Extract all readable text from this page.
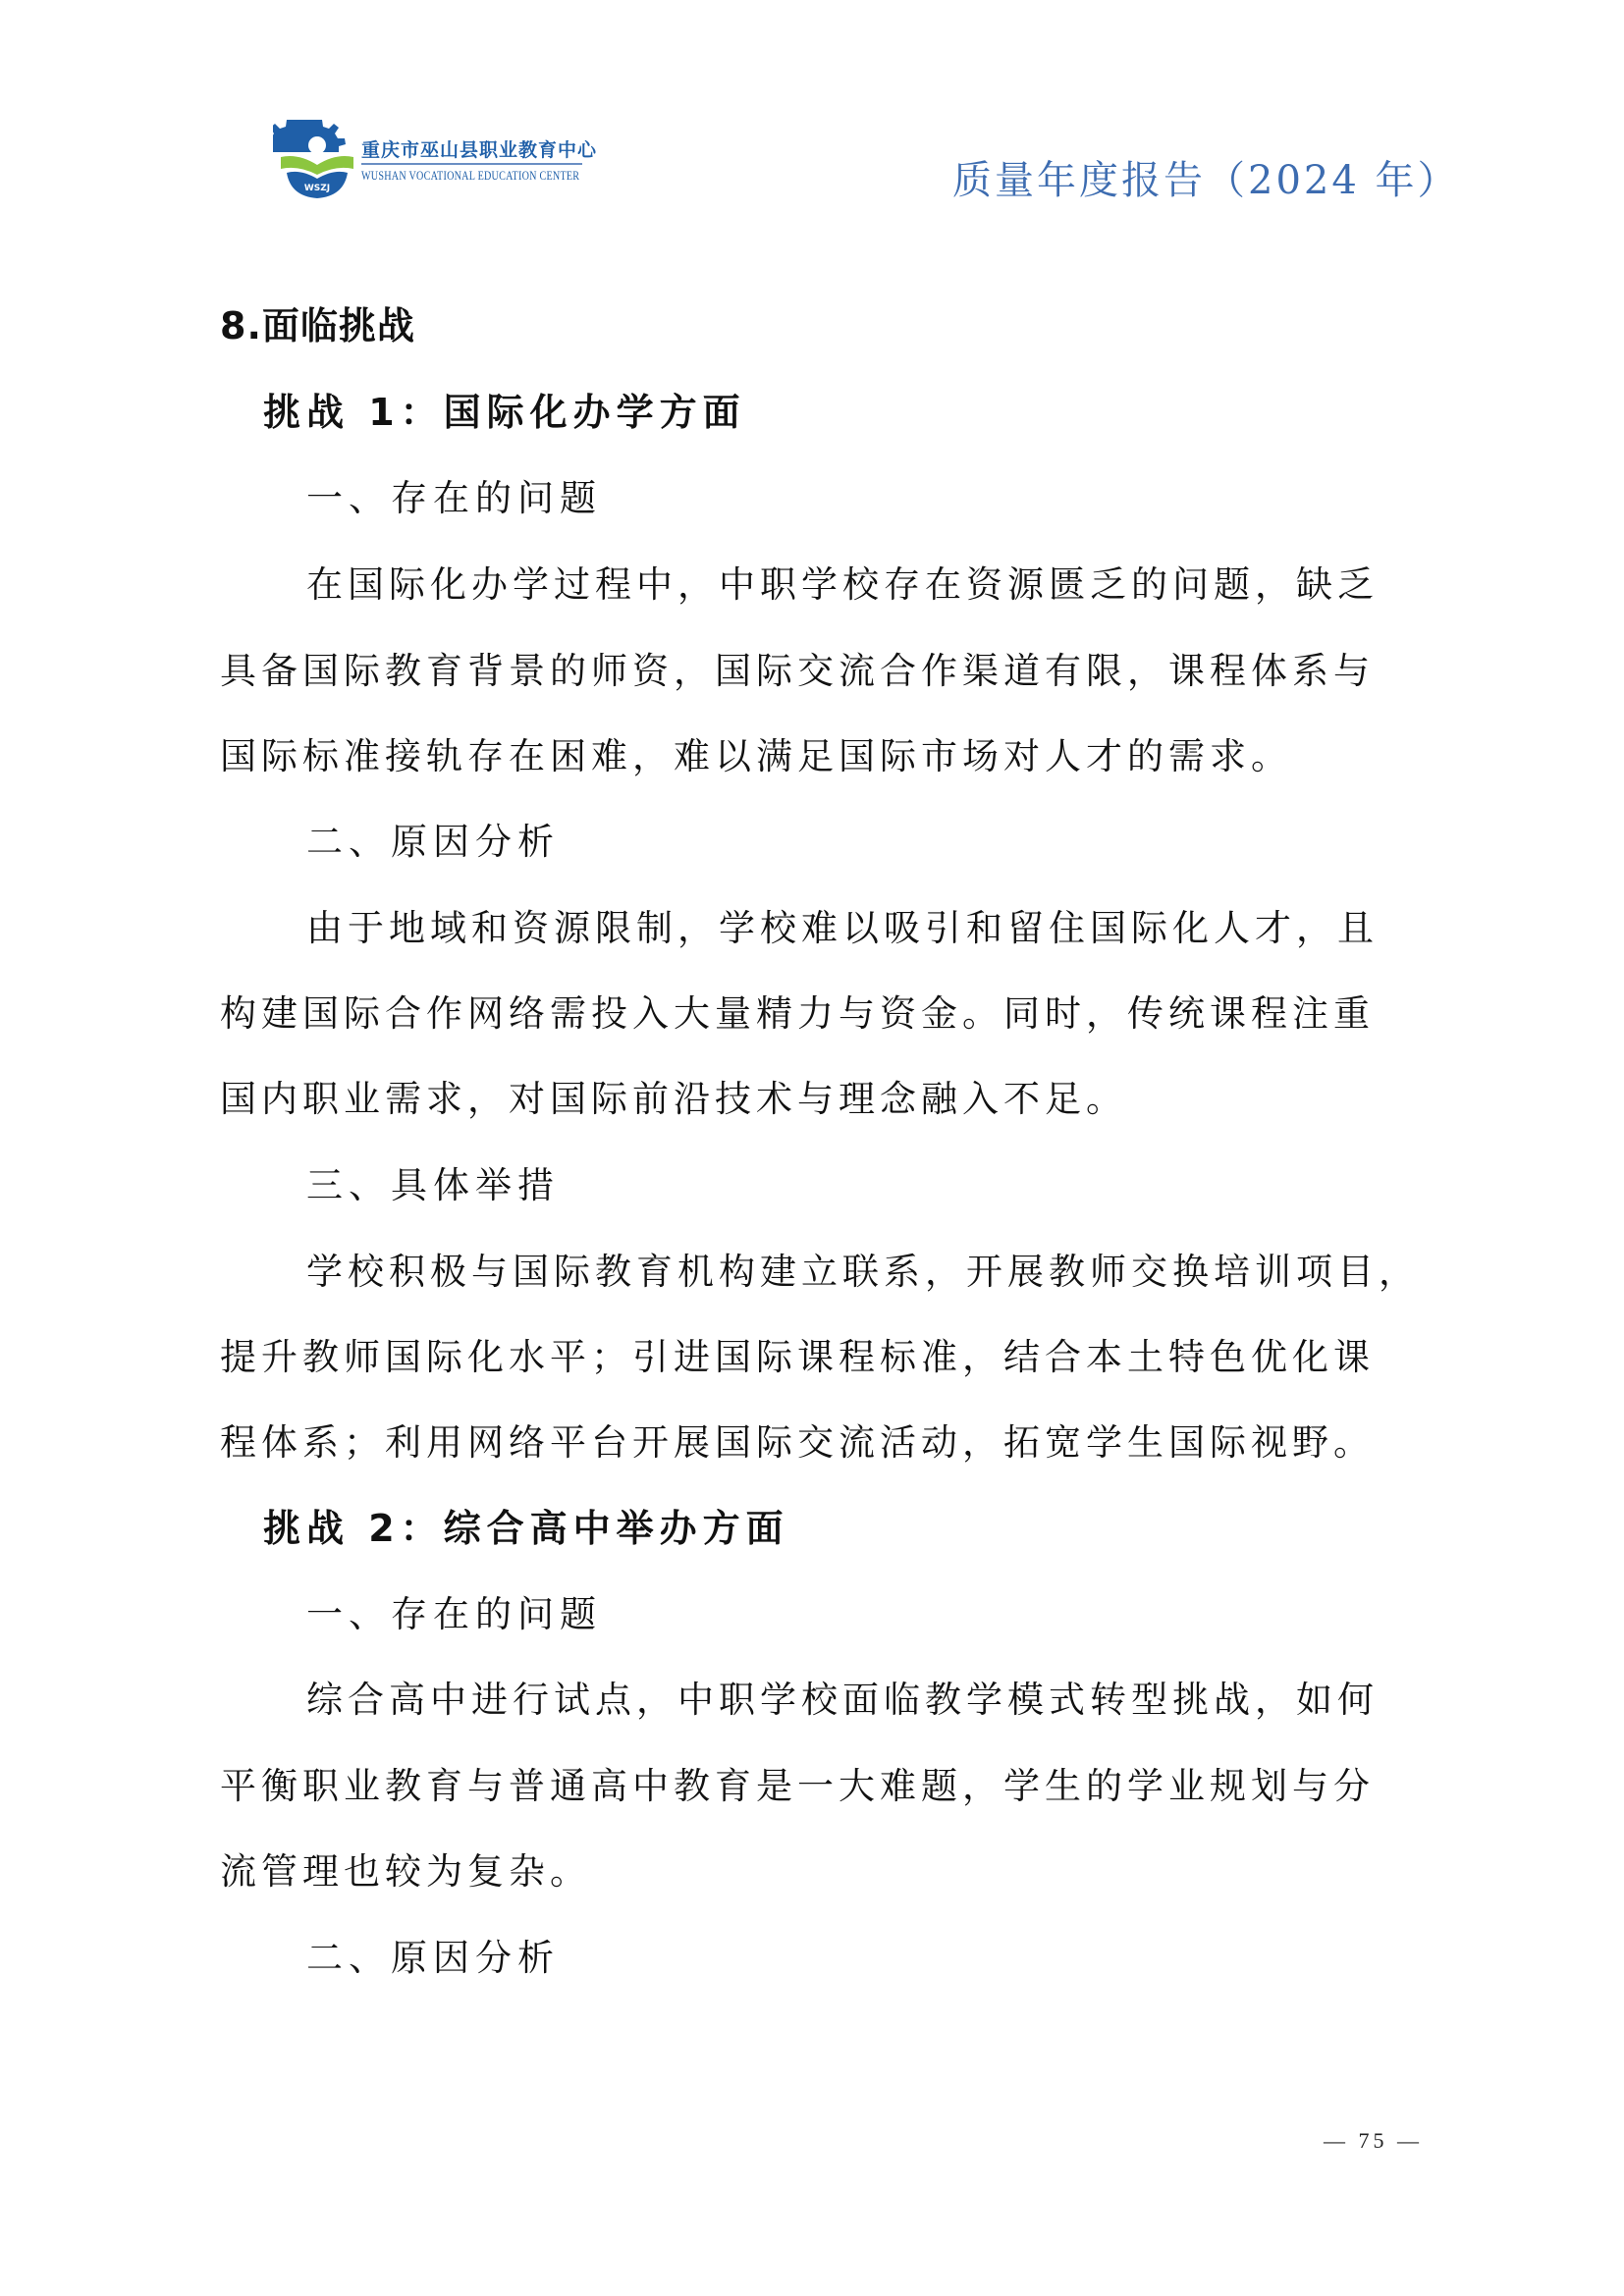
WSZJ
重庆市巫山县职业教育中心
WUSHAN VOCATIONAL EDUCATION CENTER	质量年度报告（2024 年）
8.面临挑战
挑战 1：国际化办学方面
一、存在的问题
在国际化办学过程中，中职学校存在资源匮乏的问题，缺乏
具备国际教育背景的师资，国际交流合作渠道有限，课程体系与
国际标准接轨存在困难，难以满足国际市场对人才的需求。
二、原因分析
由于地域和资源限制，学校难以吸引和留住国际化人才，且
构建国际合作网络需投入大量精力与资金。同时，传统课程注重
国内职业需求，对国际前沿技术与理念融入不足。
三、具体举措
学校积极与国际教育机构建立联系，开展教师交换培训项目，
提升教师国际化水平；引进国际课程标准，结合本土特色优化课
程体系；利用网络平台开展国际交流活动，拓宽学生国际视野。
挑战 2：综合高中举办方面
一、存在的问题
综合高中进行试点，中职学校面临教学模式转型挑战，如何
平衡职业教育与普通高中教育是一大难题，学生的学业规划与分
流管理也较为复杂。
二、原因分析
— 75 —
